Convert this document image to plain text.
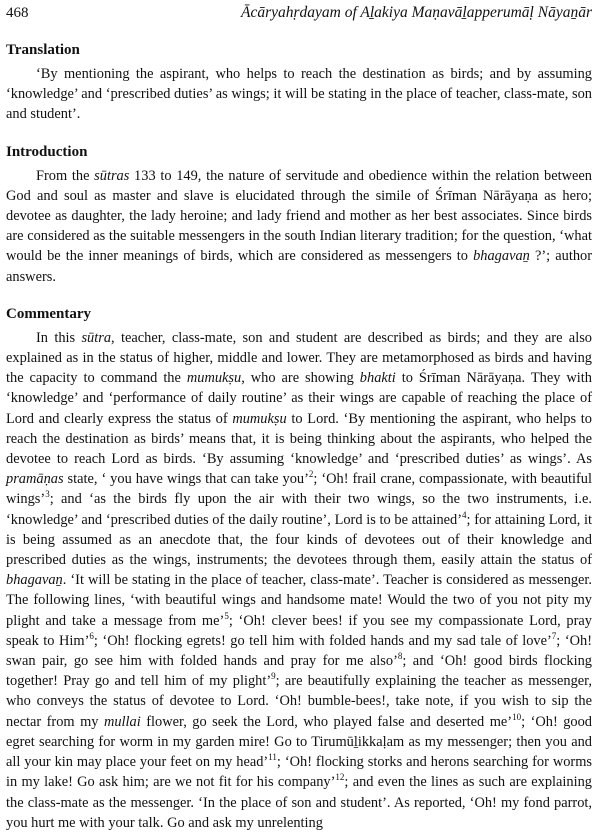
468	Ācāryahṛdayam of Aḻakiya Maṇavāḻapperumāḷ Nāyaṉār
Translation

‘By mentioning the aspirant, who helps to reach the destination as birds; and by assuming ‘knowledge’ and ‘prescribed duties’ as wings; it will be stating in the place of teacher, class-mate, son and student’.

Introduction

From the sūtras 133 to 149, the nature of servitude and obedience within the relation between God and soul as master and slave is elucidated through the simile of Śrīman Nārāyaṇa as hero; devotee as daughter, the lady heroine; and lady friend and mother as her best associates. Since birds are considered as the suitable messengers in the south Indian literary tradition; for the question, ‘what would be the inner meanings of birds, which are considered as messengers to bhagavaṉ ?’; author answers.

Commentary

In this sūtra, teacher, class-mate, son and student are described as birds; and they are also explained as in the status of higher, middle and lower. They are metamorphosed as birds and having the capacity to command the mumukṣu, who are showing bhakti to Śrīman Nārāyaṇa. They with ‘knowledge’ and ‘performance of daily routine’ as their wings are capable of reaching the place of Lord and clearly express the status of mumukṣu to Lord. ‘By mentioning the aspirant, who helps to reach the destination as birds’ means that, it is being thinking about the aspirants, who helped the devotee to reach Lord as birds. ‘By assuming ‘knowledge’ and ‘prescribed duties’ as wings’. As pramāṇas state, ‘ you have wings that can take you’$^2$; ‘Oh! frail crane, compassionate, with beautiful wings’$^3$; and ‘as the birds fly upon the air with their two wings, so the two instruments, i.e. ‘knowledge’ and ‘prescribed duties of the daily routine’, Lord is to be attained’$^4$; for attaining Lord, it is being assumed as an anecdote that, the four kinds of devotees out of their knowledge and prescribed duties as the wings, instruments; the devotees through them, easily attain the status of bhagavaṉ. ‘It will be stating in the place of teacher, class-mate’. Teacher is considered as messenger. The following lines, ‘with beautiful wings and handsome mate! Would the two of you not pity my plight and take a message from me’$^5$; ‘Oh! clever bees! if you see my compassionate Lord, pray speak to Him’$^6$; ‘Oh! flocking egrets! go tell him with folded hands and my sad tale of love’$^7$; ‘Oh! swan pair, go see him with folded hands and pray for me also’$^8$; and ‘Oh! good birds flocking together! Pray go and tell him of my plight’$^9$; are beautifully explaining the teacher as messenger, who conveys the status of devotee to Lord. ‘Oh! bumble-bees!, take note, if you wish to sip the nectar from my mullai flower, go seek the Lord, who played false and deserted me’$^{10}$; ‘Oh! good egret searching for worm in my garden mire! Go to Tirumūḻikkaḷam as my messenger; then you and all your kin may place your feet on my head’$^{11}$; ‘Oh! flocking storks and herons searching for worms in my lake! Go ask him; are we not fit for his company’$^{12}$; and even the lines as such are explaining the class-mate as the messenger. ‘In the place of son and student’. As reported, ‘Oh! my fond parrot, you hurt me with your talk. Go and ask my unrelenting
